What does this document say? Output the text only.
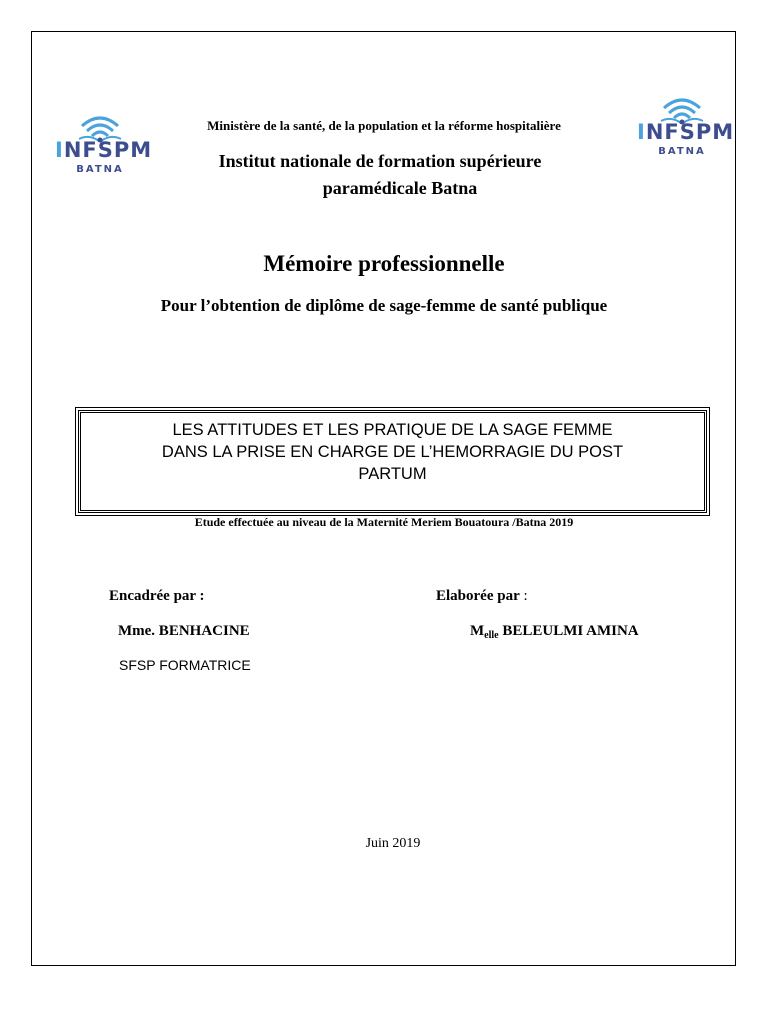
INFSPM
BATNA
INFSPM
BATNA
Ministère de la santé, de la population et la réforme hospitalière
Institut nationale de formation supérieure
paramédicale Batna
Mémoire professionnelle
Pour l’obtention de diplôme de sage-femme de santé publique
LES ATTITUDES ET LES PRATIQUE DE LA SAGE FEMME
DANS LA PRISE EN CHARGE DE L’HEMORRAGIE DU POST
PARTUM
Etude effectuée au niveau de la Maternité Meriem Bouatoura /Batna 2019
Encadrée par :
Mme. BENHACINE
SFSP FORMATRICE
Elaborée par :
$M_{elle}$ BELEULMI AMINA
Juin 2019
